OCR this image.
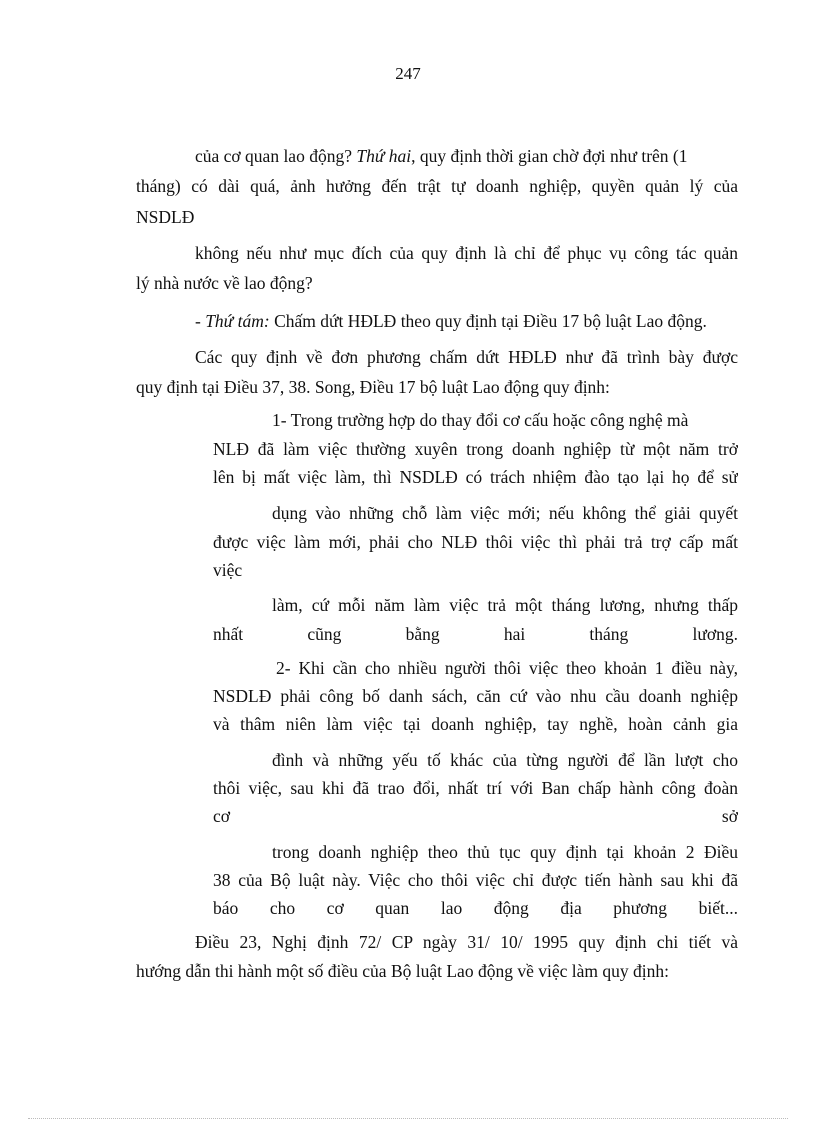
247
của cơ quan lao động? Thứ hai, quy định thời gian chờ đợi như trên (1
tháng) có dài quá, ảnh hưởng đến trật tự doanh nghiệp, quyền quản lý của
NSDLĐ
không nếu như mục đích của quy định là chỉ để phục vụ công tác quản
lý nhà nước về lao động?
- Thứ tám: Chấm dứt HĐLĐ theo quy định tại Điều 17 bộ luật Lao động.
Các quy định về đơn phương chấm dứt HĐLĐ như đã trình bày được
quy định tại Điều 37, 38. Song, Điều 17 bộ luật Lao động quy định:
1- Trong trường hợp do thay đổi cơ cấu hoặc công nghệ mà
NLĐ đã làm việc thường xuyên trong doanh nghiệp từ một năm trở
lên bị mất việc làm, thì NSDLĐ có trách nhiệm đào tạo lại họ để sử
dụng vào những chỗ làm việc mới; nếu không thể giải quyết
được việc làm mới, phải cho NLĐ thôi việc thì phải trả trợ cấp mất
việc
làm, cứ mỗi năm làm việc trả một tháng lương, nhưng thấp
nhất cũng bằng hai tháng lương.
2- Khi cần cho nhiều người thôi việc theo khoản 1 điều này,
NSDLĐ phải công bố danh sách, căn cứ vào nhu cầu doanh nghiệp
và thâm niên làm việc tại doanh nghiệp, tay nghề, hoàn cảnh gia
đình và những yếu tố khác của từng người để lần lượt cho
thôi việc, sau khi đã trao đổi, nhất trí với Ban chấp hành công đoàn
cơ sở
trong doanh nghiệp theo thủ tục quy định tại khoản 2 Điều
38 của Bộ luật này. Việc cho thôi việc chỉ được tiến hành sau khi đã
báo cho cơ quan lao động địa phương biết...
Điều 23, Nghị định 72/ CP ngày 31/ 10/ 1995 quy định chi tiết và
hướng dẫn thi hành một số điều của Bộ luật Lao động về việc làm quy định:
